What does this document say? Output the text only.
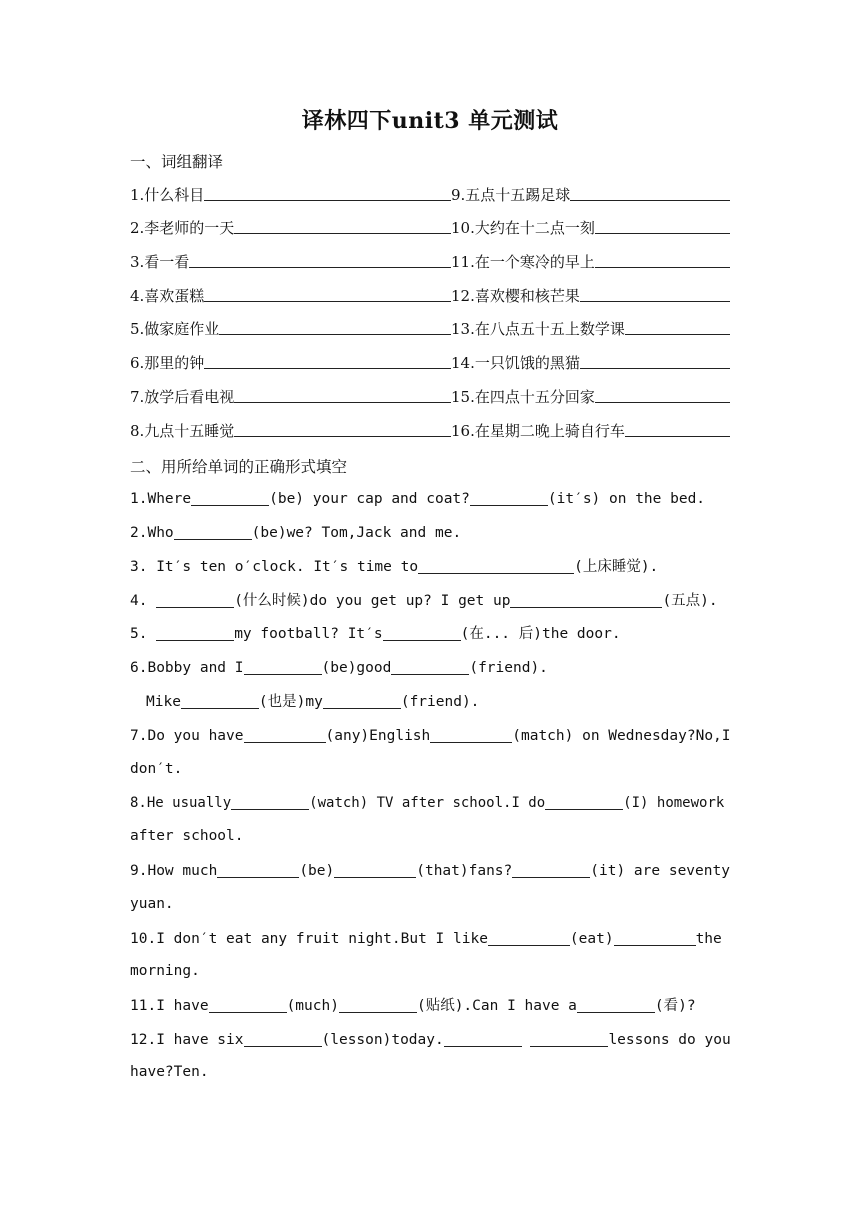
译林四下unit3 单元测试
一、词组翻译
1.什么科目	9.五点十五踢足球
2.李老师的一天	10.大约在十二点一刻
3.看一看	11.在一个寒冷的早上
4.喜欢蛋糕	12.喜欢樱和核芒果
5.做家庭作业	13.在八点五十五上数学课
6.那里的钟	14.一只饥饿的黑猫
7.放学后看电视	15.在四点十五分回家
8.九点十五睡觉	16.在星期二晚上骑自行车
二、用所给单词的正确形式填空
1.Where	(be) your cap and coat?	(it′s) on the bed.
2.Who	(be)we? Tom,Jack and me.
3. It′s ten o′clock. It′s time to	(上床睡觉).
4.	(什么时候)do you get up? I get up	(五点).
5.	my football? It′s	(在... 后)the door.
6.Bobby and I	(be)good	(friend).
Mike	(也是)my	(friend).
7.Do you have	(any)English	(match) on Wednesday?No,I
don′t.
8.He usually	(watch) TV after school.I do	(I) homework
after school.
9.How much	(be)	(that)fans?	(it) are seventy
yuan.
10.I don′t eat any fruit night.But I like	(eat)	the
morning.
11.I have	(much)	(贴纸).Can I have a	(看)?
12.I have six	(lesson)today.	lessons do you
have?Ten.
